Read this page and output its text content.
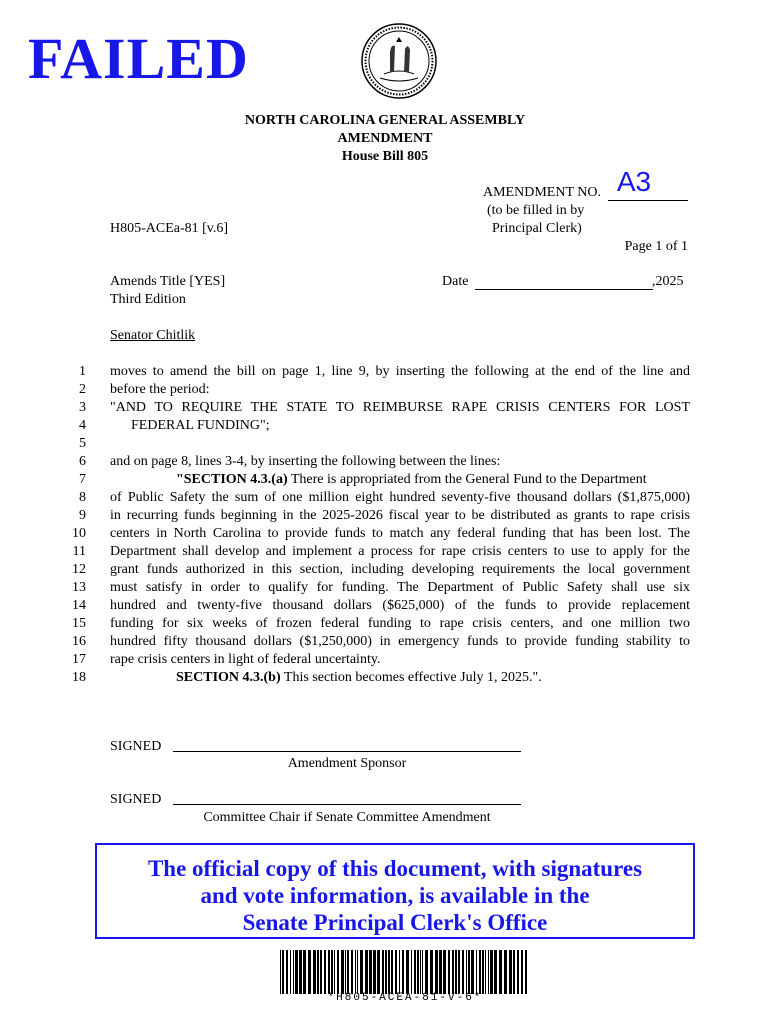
FAILED
NORTH CAROLINA GENERAL ASSEMBLY
AMENDMENT
House Bill 805
AMENDMENT NO. A3
(to be filled in by
Principal Clerk)
H805-ACEa-81 [v.6]
Page 1 of 1
Amends Title [YES]
Third Edition
Date	,2025
Senator Chitlik
1 moves to amend the bill on page 1, line 9, by inserting the following at the end of the line and
2 before the period:
3 "AND TO REQUIRE THE STATE TO REIMBURSE RAPE CRISIS CENTERS FOR LOST
4	FEDERAL FUNDING";
5
6 and on page 8, lines 3-4, by inserting the following between the lines:
7	"SECTION 4.3.(a) There is appropriated from the General Fund to the Department
8 of Public Safety the sum of one million eight hundred seventy-five thousand dollars ($1,875,000)
9 in recurring funds beginning in the 2025-2026 fiscal year to be distributed as grants to rape crisis
10 centers in North Carolina to provide funds to match any federal funding that has been lost. The
11 Department shall develop and implement a process for rape crisis centers to use to apply for the
12 grant funds authorized in this section, including developing requirements the local government
13 must satisfy in order to qualify for funding. The Department of Public Safety shall use six
14 hundred and twenty-five thousand dollars ($625,000) of the funds to provide replacement
15 funding for six weeks of frozen federal funding to rape crisis centers, and one million two
16 hundred fifty thousand dollars ($1,250,000) in emergency funds to provide funding stability to
17 rape crisis centers in light of federal uncertainty.
18	SECTION 4.3.(b) This section becomes effective July 1, 2025.".
SIGNED
Amendment Sponsor
SIGNED
Committee Chair if Senate Committee Amendment
The official copy of this document, with signatures
and vote information, is available in the
Senate Principal Clerk's Office
*H805-ACEA-81-V-6*
